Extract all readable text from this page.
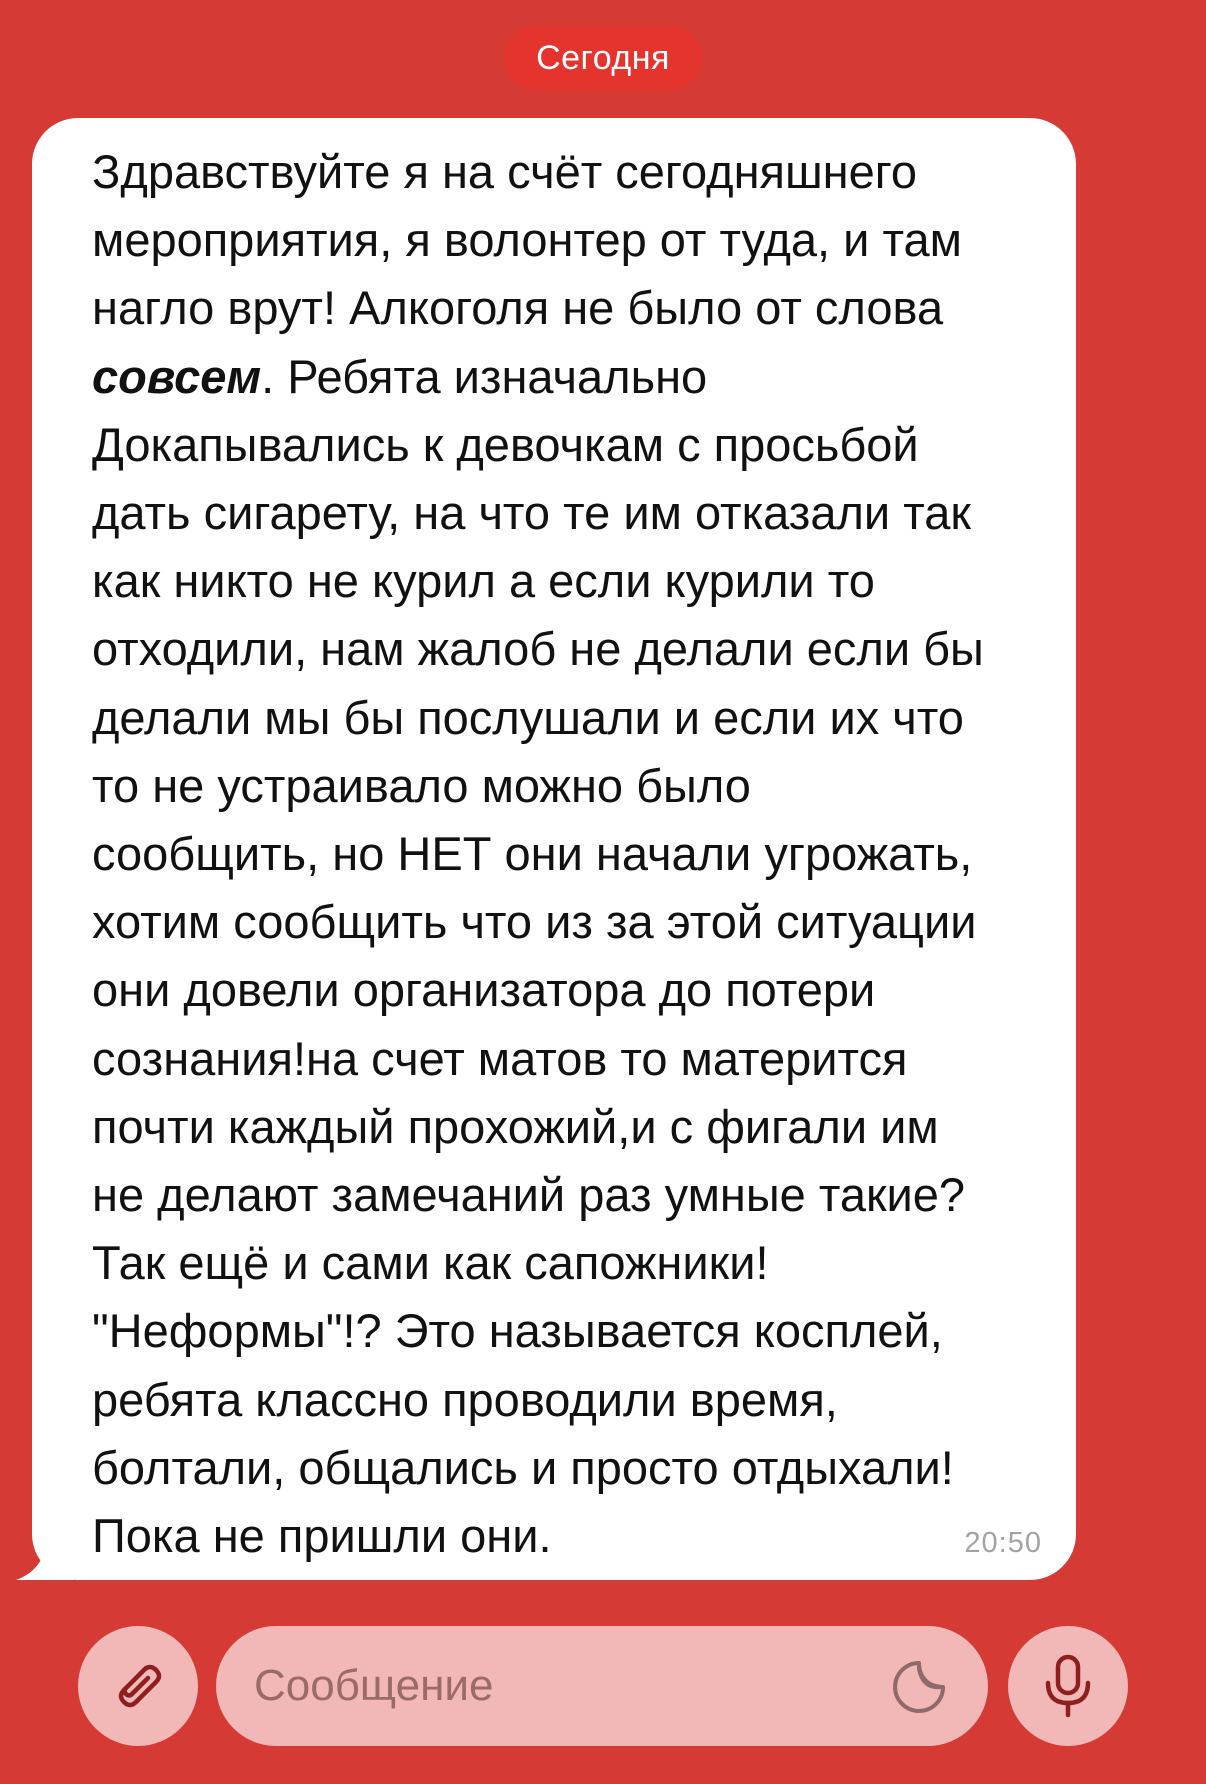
Сегодня

Здравствуйте я на счёт сегодняшнего
мероприятия, я волонтер от туда, и там
нагло врут! Алкоголя не было от слова
совсем. Ребята изначально
Докапывались к девочкам с просьбой
дать сигарету, на что те им отказали так
как никто не курил а если курили то
отходили, нам жалоб не делали если бы
делали мы бы послушали и если их что
то не устраивало можно было
сообщить, но НЕТ они начали угрожать,
хотим сообщить что из за этой ситуации
они довели организатора до потери
сознания!на счет матов то матерится
почти каждый прохожий,и с фигали им
не делают замечаний раз умные такие?
Так ещё и сами как сапожники!
"Неформы"!? Это называется косплей,
ребята классно проводили время,
болтали, общались и просто отдыхали!
Пока не пришли они.	20:50
Сообщение
